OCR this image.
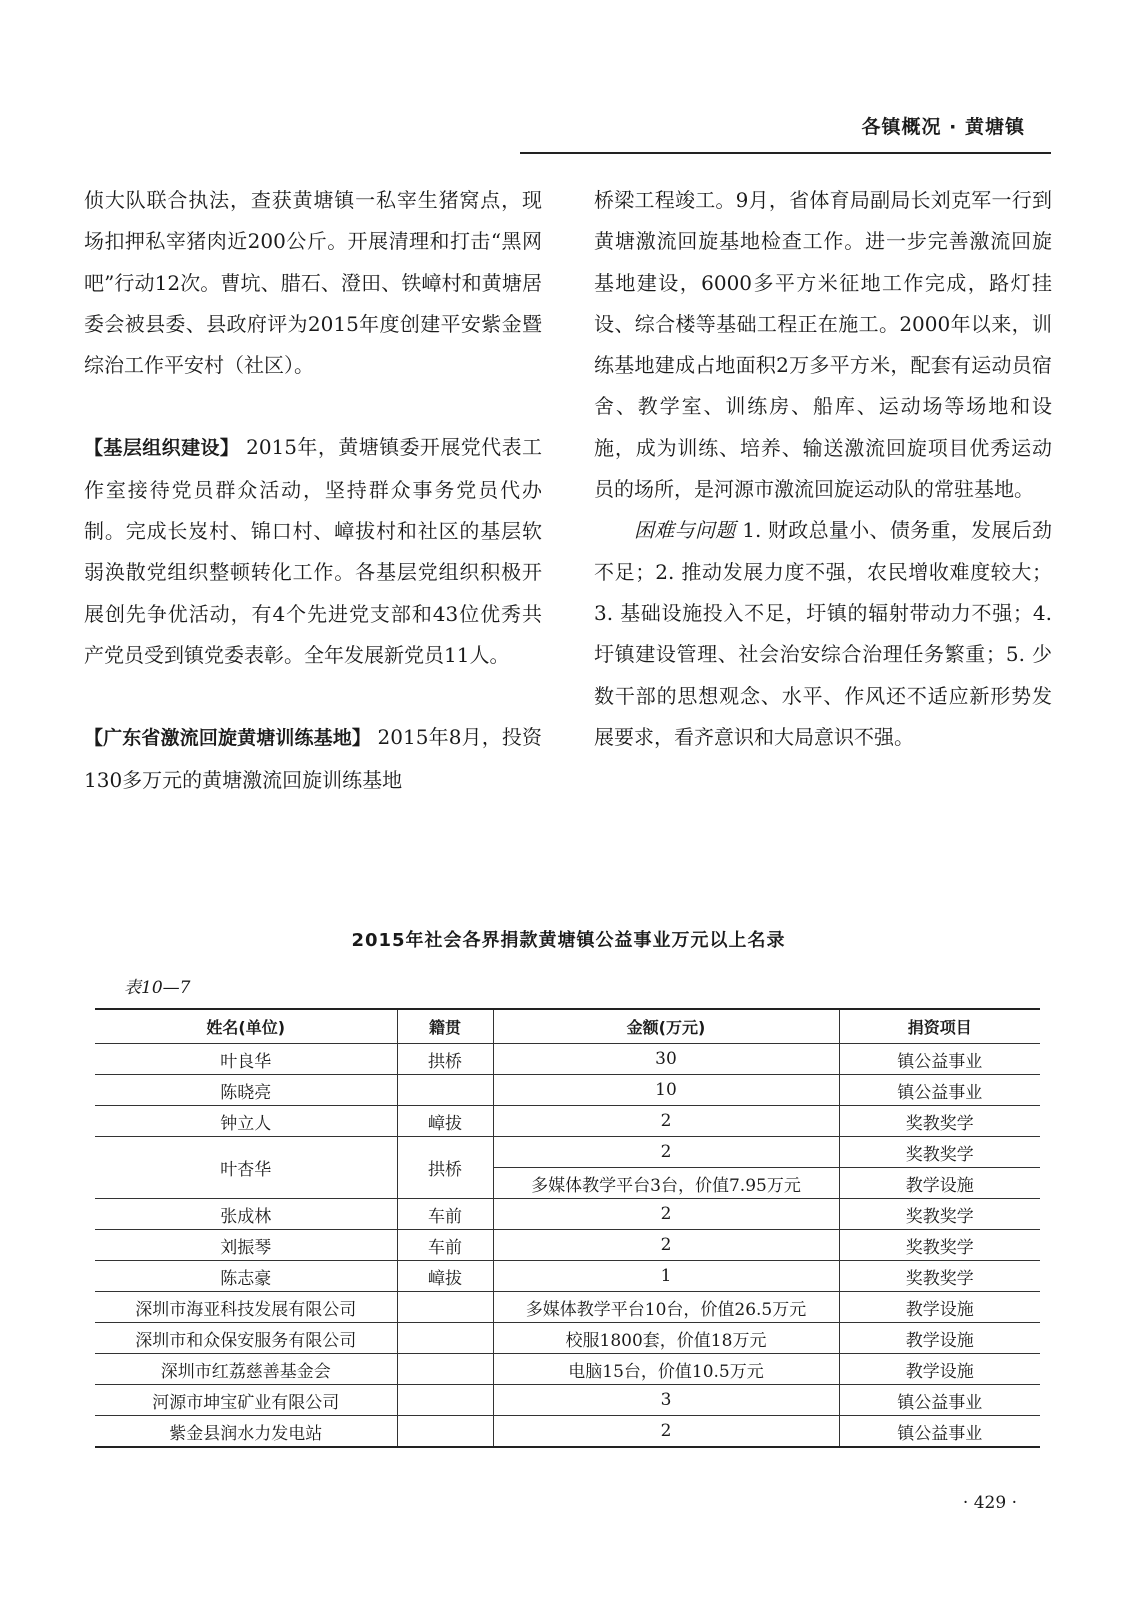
各镇概况 · 黄塘镇

侦大队联合执法，查获黄塘镇一私宰生猪窝点，现场扣押私宰猪肉近200公斤。开展清理和打击“黑网吧”行动12次。曹坑、腊石、澄田、铁嶂村和黄塘居委会被县委、县政府评为2015年度创建平安紫金暨综治工作平安村（社区）。

【基层组织建设】 2015年，黄塘镇委开展党代表工作室接待党员群众活动，坚持群众事务党员代办制。完成长岌村、锦口村、嶂拔村和社区的基层软弱涣散党组织整顿转化工作。各基层党组织积极开展创先争优活动，有4个先进党支部和43位优秀共产党员受到镇党委表彰。全年发展新党员11人。

【广东省激流回旋黄塘训练基地】 2015年8月，投资130多万元的黄塘激流回旋训练基地

桥梁工程竣工。9月，省体育局副局长刘克军一行到黄塘激流回旋基地检查工作。进一步完善激流回旋基地建设，6000多平方米征地工作完成，路灯挂设、综合楼等基础工程正在施工。2000年以来，训练基地建成占地面积2万多平方米，配套有运动员宿舍、教学室、训练房、船库、运动场等场地和设施，成为训练、培养、输送激流回旋项目优秀运动员的场所，是河源市激流回旋运动队的常驻基地。

困难与问题 1. 财政总量小、债务重，发展后劲不足；2. 推动发展力度不强，农民增收难度较大；3. 基础设施投入不足，圩镇的辐射带动力不强；4. 圩镇建设管理、社会治安综合治理任务繁重；5. 少数干部的思想观念、水平、作风还不适应新形势发展要求，看齐意识和大局意识不强。

2015年社会各界捐款黄塘镇公益事业万元以上名录
表10—7
姓名(单位)	籍贯	金额(万元)	捐资项目
叶良华	拱桥	30	镇公益事业
陈晓亮		10	镇公益事业
钟立人	嶂拔	2	奖教奖学
叶杏华	拱桥	2	奖教奖学
		多媒体教学平台3台，价值7.95万元	教学设施
张成林	车前	2	奖教奖学
刘振琴	车前	2	奖教奖学
陈志豪	嶂拔	1	奖教奖学
深圳市海亚科技发展有限公司		多媒体教学平台10台，价值26.5万元	教学设施
深圳市和众保安服务有限公司		校服1800套，价值18万元	教学设施
深圳市红荔慈善基金会		电脑15台，价值10.5万元	教学设施
河源市坤宝矿业有限公司		3	镇公益事业
紫金县润水力发电站		2	镇公益事业
· 429 ·
